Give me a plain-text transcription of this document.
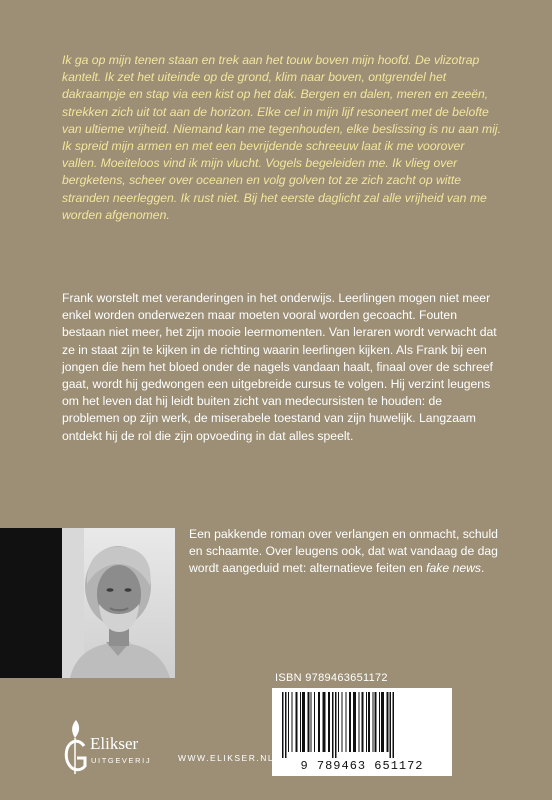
Ik ga op mijn tenen staan en trek aan het touw boven mijn hoofd. De vlizotrap kantelt. Ik zet het uiteinde op de grond, klim naar boven, ontgrendel het dakraampje en stap via een kist op het dak. Bergen en dalen, meren en zeeën, strekken zich uit tot aan de horizon. Elke cel in mijn lijf resoneert met de belofte van ultieme vrijheid. Niemand kan me tegenhouden, elke beslissing is nu aan mij. Ik spreid mijn armen en met een bevrijdende schreeuw laat ik me voorover vallen. Moeiteloos vind ik mijn vlucht. Vogels begeleiden me. Ik vlieg over bergketens, scheer over oceanen en volg golven tot ze zich zacht op witte stranden neerleggen. Ik rust niet. Bij het eerste daglicht zal alle vrijheid van me worden afgenomen.

Frank worstelt met veranderingen in het onderwijs. Leerlingen mogen niet meer enkel worden onderwezen maar moeten vooral worden gecoacht. Fouten bestaan niet meer, het zijn mooie leermomenten. Van leraren wordt verwacht dat ze in staat zijn te kijken in de richting waarin leerlingen kijken. Als Frank bij een jongen die hem het bloed onder de nagels vandaan haalt, finaal over de schreef gaat, wordt hij gedwongen een uitgebreide cursus te volgen. Hij verzint leugens om het leven dat hij leidt buiten zicht van medecursisten te houden: de problemen op zijn werk, de miserabele toestand van zijn huwelijk. Langzaam ontdekt hij de rol die zijn opvoeding in dat alles speelt.

Een pakkende roman over verlangen en onmacht, schuld en schaamte. Over leugens ook, dat wat vandaag de dag wordt aangeduid met: alternatieve feiten en fake news.

ISBN 9789463651172
9 789463 651172
Elikser
UITGEVERIJ	WWW.ELIKSER.NL
